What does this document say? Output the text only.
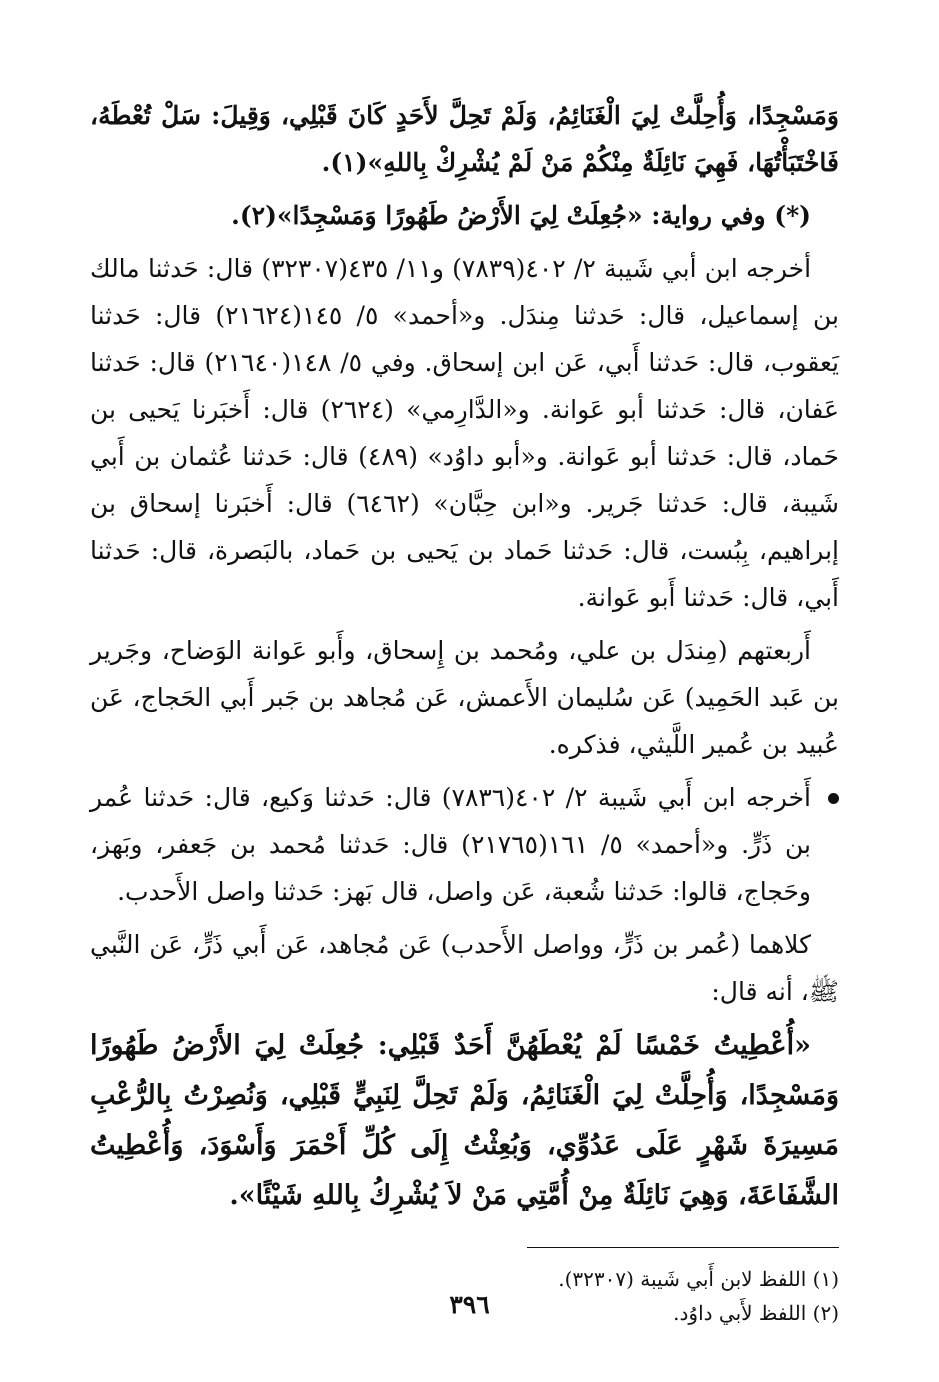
وَمَسْجِدًا، وَأُحِلَّتْ لِيَ الْغَنَائِمُ، وَلَمْ تَحِلَّ لأَحَدٍ كَانَ قَبْلِي، وَقِيلَ: سَلْ تُعْطَهُ، فَاخْتَبَأْتُهَا، فَهِيَ نَائِلَةٌ مِنْكُمْ مَنْ لَمْ يُشْرِكْ بِاللهِ»(١).

(*) وفي رواية: «جُعِلَتْ لِيَ الأَرْضُ طَهُورًا وَمَسْجِدًا»(٢).

أخرجه ابن أبي شَيبة ٢/ ٤٠٢(٧٨٣٩) و١١/ ٤٣٥(٣٢٣٠٧) قال: حَدثنا مالك بن إسماعيل، قال: حَدثنا مِندَل. و«أحمد» ٥/ ١٤٥(٢١٦٢٤) قال: حَدثنا يَعقوب، قال: حَدثنا أَبي، عَن ابن إسحاق. وفي ٥/ ١٤٨(٢١٦٤٠) قال: حَدثنا عَفان، قال: حَدثنا أبو عَوانة. و«الدَّارِمي» (٢٦٢٤) قال: أَخبَرنا يَحيى بن حَماد، قال: حَدثنا أبو عَوانة. و«أبو داوُد» (٤٨٩) قال: حَدثنا عُثمان بن أَبي شَيبة، قال: حَدثنا جَرير. و«ابن حِبَّان» (٦٤٦٢) قال: أَخبَرنا إسحاق بن إبراهيم، بِبُست، قال: حَدثنا حَماد بن يَحيى بن حَماد، بالبَصرة، قال: حَدثنا أَبي، قال: حَدثنا أَبو عَوانة.

أَربعتهم (مِندَل بن علي، ومُحمد بن إِسحاق، وأَبو عَوانة الوَضاح، وجَرير بن عَبد الحَمِيد) عَن سُليمان الأَعمش، عَن مُجاهد بن جَبر أَبي الحَجاج، عَن عُبيد بن عُمير اللَّيثي، فذكره.

أَخرجه ابن أَبي شَيبة ٢/ ٤٠٢(٧٨٣٦) قال: حَدثنا وَكيع، قال: حَدثنا عُمر بن ذَرٍّ. و«أحمد» ٥/ ١٦١(٢١٧٦٥) قال: حَدثنا مُحمد بن جَعفر، وبَهز، وحَجاج، قالوا: حَدثنا شُعبة، عَن واصل، قال بَهز: حَدثنا واصل الأَحدب.

كلاهما (عُمر بن ذَرٍّ، وواصل الأَحدب) عَن مُجاهد، عَن أَبي ذَرٍّ، عَن النَّبي ﷺ، أنه قال:

«أُعْطِيتُ خَمْسًا لَمْ يُعْطَهُنَّ أَحَدٌ قَبْلِي: جُعِلَتْ لِيَ الأَرْضُ طَهُورًا وَمَسْجِدًا، وَأُحِلَّتْ لِيَ الْغَنَائِمُ، وَلَمْ تَحِلَّ لِنَبِيٍّ قَبْلِي، وَنُصِرْتُ بِالرُّعْبِ مَسِيرَةَ شَهْرٍ عَلَى عَدُوِّي، وَبُعِثْتُ إِلَى كُلِّ أَحْمَرَ وَأَسْوَدَ، وَأُعْطِيتُ الشَّفَاعَةَ، وَهِيَ نَائِلَةٌ مِنْ أُمَّتِي مَنْ لاَ يُشْرِكُ بِاللهِ شَيْئًا».

(١) اللفظ لابن أَبي شَيبة (٣٢٣٠٧).

(٢) اللفظ لأَبي داوُد.

٣٩٦
